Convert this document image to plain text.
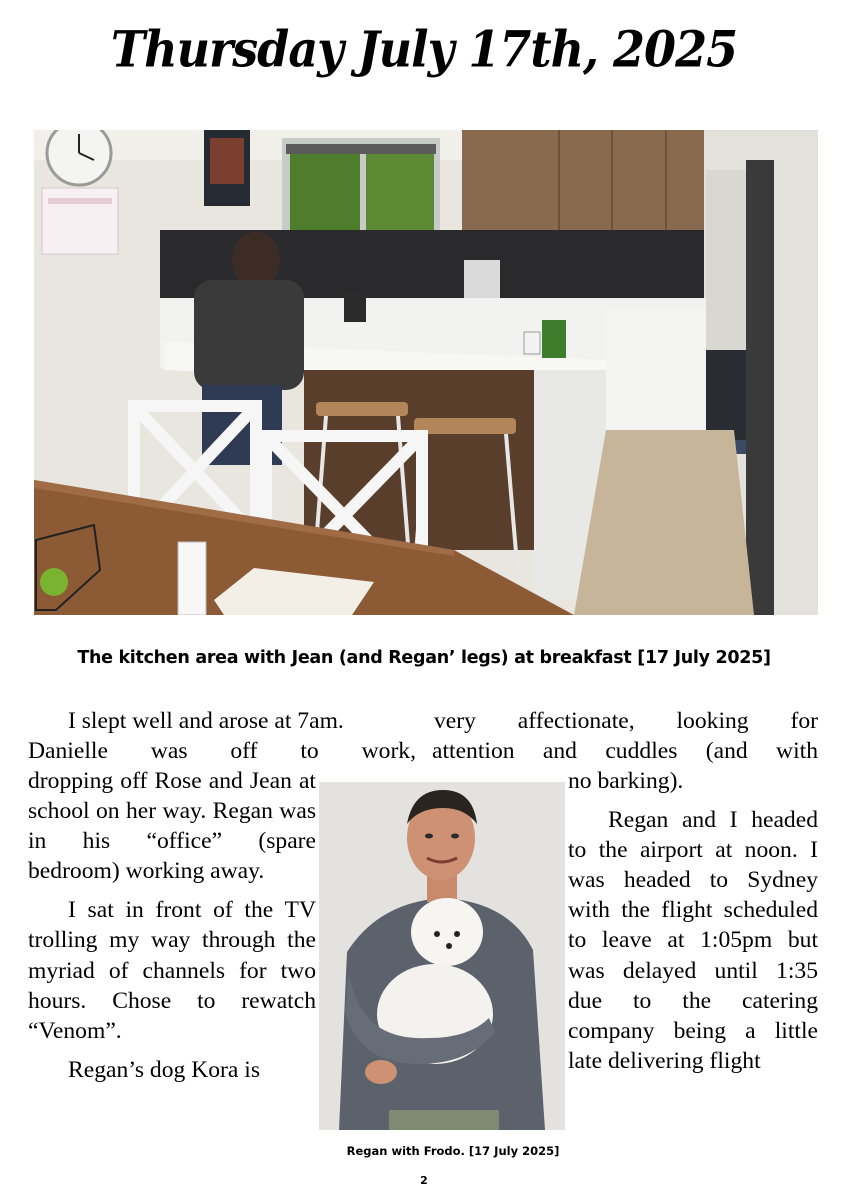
Thursday July 17th, 2025
The kitchen area with Jean (and Regan’ legs) at breakfast [17 July 2025]
I slept well and arose at 7am.	very affectionate, looking for
Danielle was off to work, attention and cuddles (and with

dropping off Rose and Jean at school on her way. Regan was in his “office” (spare bedroom) working away.

I sat in front of the TV trolling my way through the myriad of channels for two hours. Chose to rewatch “Venom”.

Regan’s dog Kora is

no barking).

Regan and I headed to the airport at noon. I was headed to Sydney with the flight scheduled to leave at 1:05pm but was delayed until 1:35 due to the catering company being a little late delivering flight

Regan with Frodo. [17 July 2025]
2
